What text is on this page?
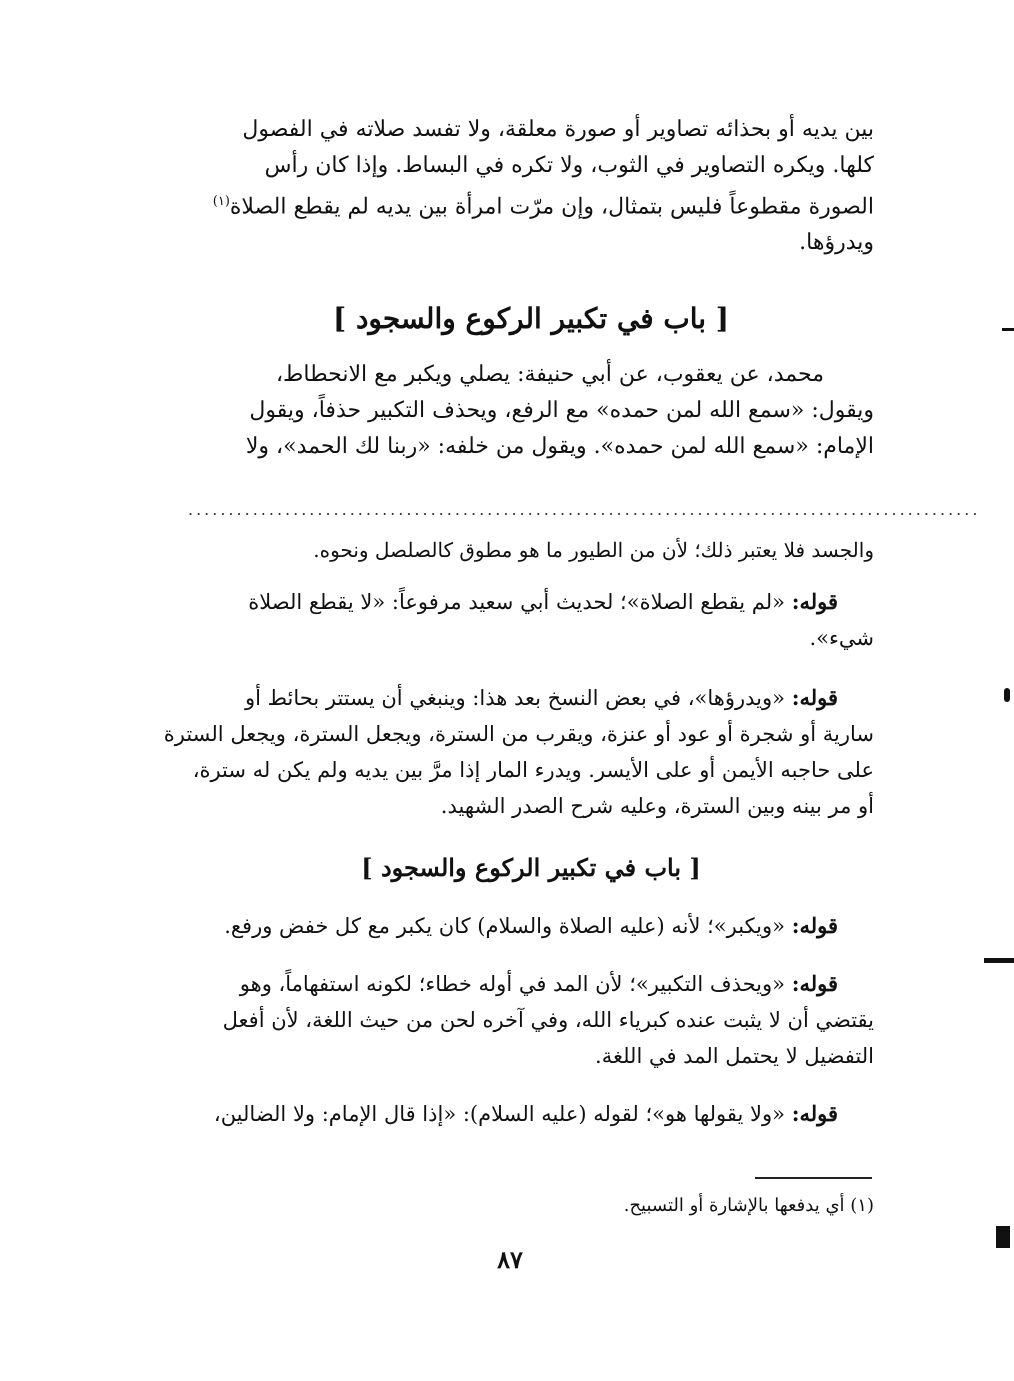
بين يديه أو بحذائه تصاوير أو صورة معلقة، ولا تفسد صلاته في الفصول
كلها. ويكره التصاوير في الثوب، ولا تكره في البساط. وإذا كان رأس
الصورة مقطوعاً فليس بتمثال، وإن مرّت امرأة بين يديه لم يقطع الصلاة$^{(١)}$
ويدرؤها.
[ باب في تكبير الركوع والسجود ]
محمد، عن يعقوب، عن أبي حنيفة: يصلي ويكبر مع الانحطاط،
ويقول: «سمع الله لمن حمده» مع الرفع، ويحذف التكبير حذفاً، ويقول
الإمام: «سمع الله لمن حمده». ويقول من خلفه: «ربنا لك الحمد»، ولا
..................................................................................................
والجسد فلا يعتبر ذلك؛ لأن من الطيور ما هو مطوق كالصلصل ونحوه.
قوله: «لم يقطع الصلاة»؛ لحديث أبي سعيد مرفوعاً: «لا يقطع الصلاة
شيء».
قوله: «ويدرؤها»، في بعض النسخ بعد هذا: وينبغي أن يستتر بحائط أو
سارية أو شجرة أو عود أو عنزة، ويقرب من السترة، ويجعل السترة، ويجعل السترة
على حاجبه الأيمن أو على الأيسر. ويدرء المار إذا مرَّ بين يديه ولم يكن له سترة،
أو مر بينه وبين السترة، وعليه شرح الصدر الشهيد.
[ باب في تكبير الركوع والسجود ]
قوله: «ويكبر»؛ لأنه (عليه الصلاة والسلام) كان يكبر مع كل خفض ورفع.
قوله: «ويحذف التكبير»؛ لأن المد في أوله خطاء؛ لكونه استفهاماً، وهو
يقتضي أن لا يثبت عنده كبرياء الله، وفي آخره لحن من حيث اللغة، لأن أفعل
التفضيل لا يحتمل المد في اللغة.
قوله: «ولا يقولها هو»؛ لقوله (عليه السلام): «إذا قال الإمام: ولا الضالين،
(١) أي يدفعها بالإشارة أو التسبيح.
٨٧
